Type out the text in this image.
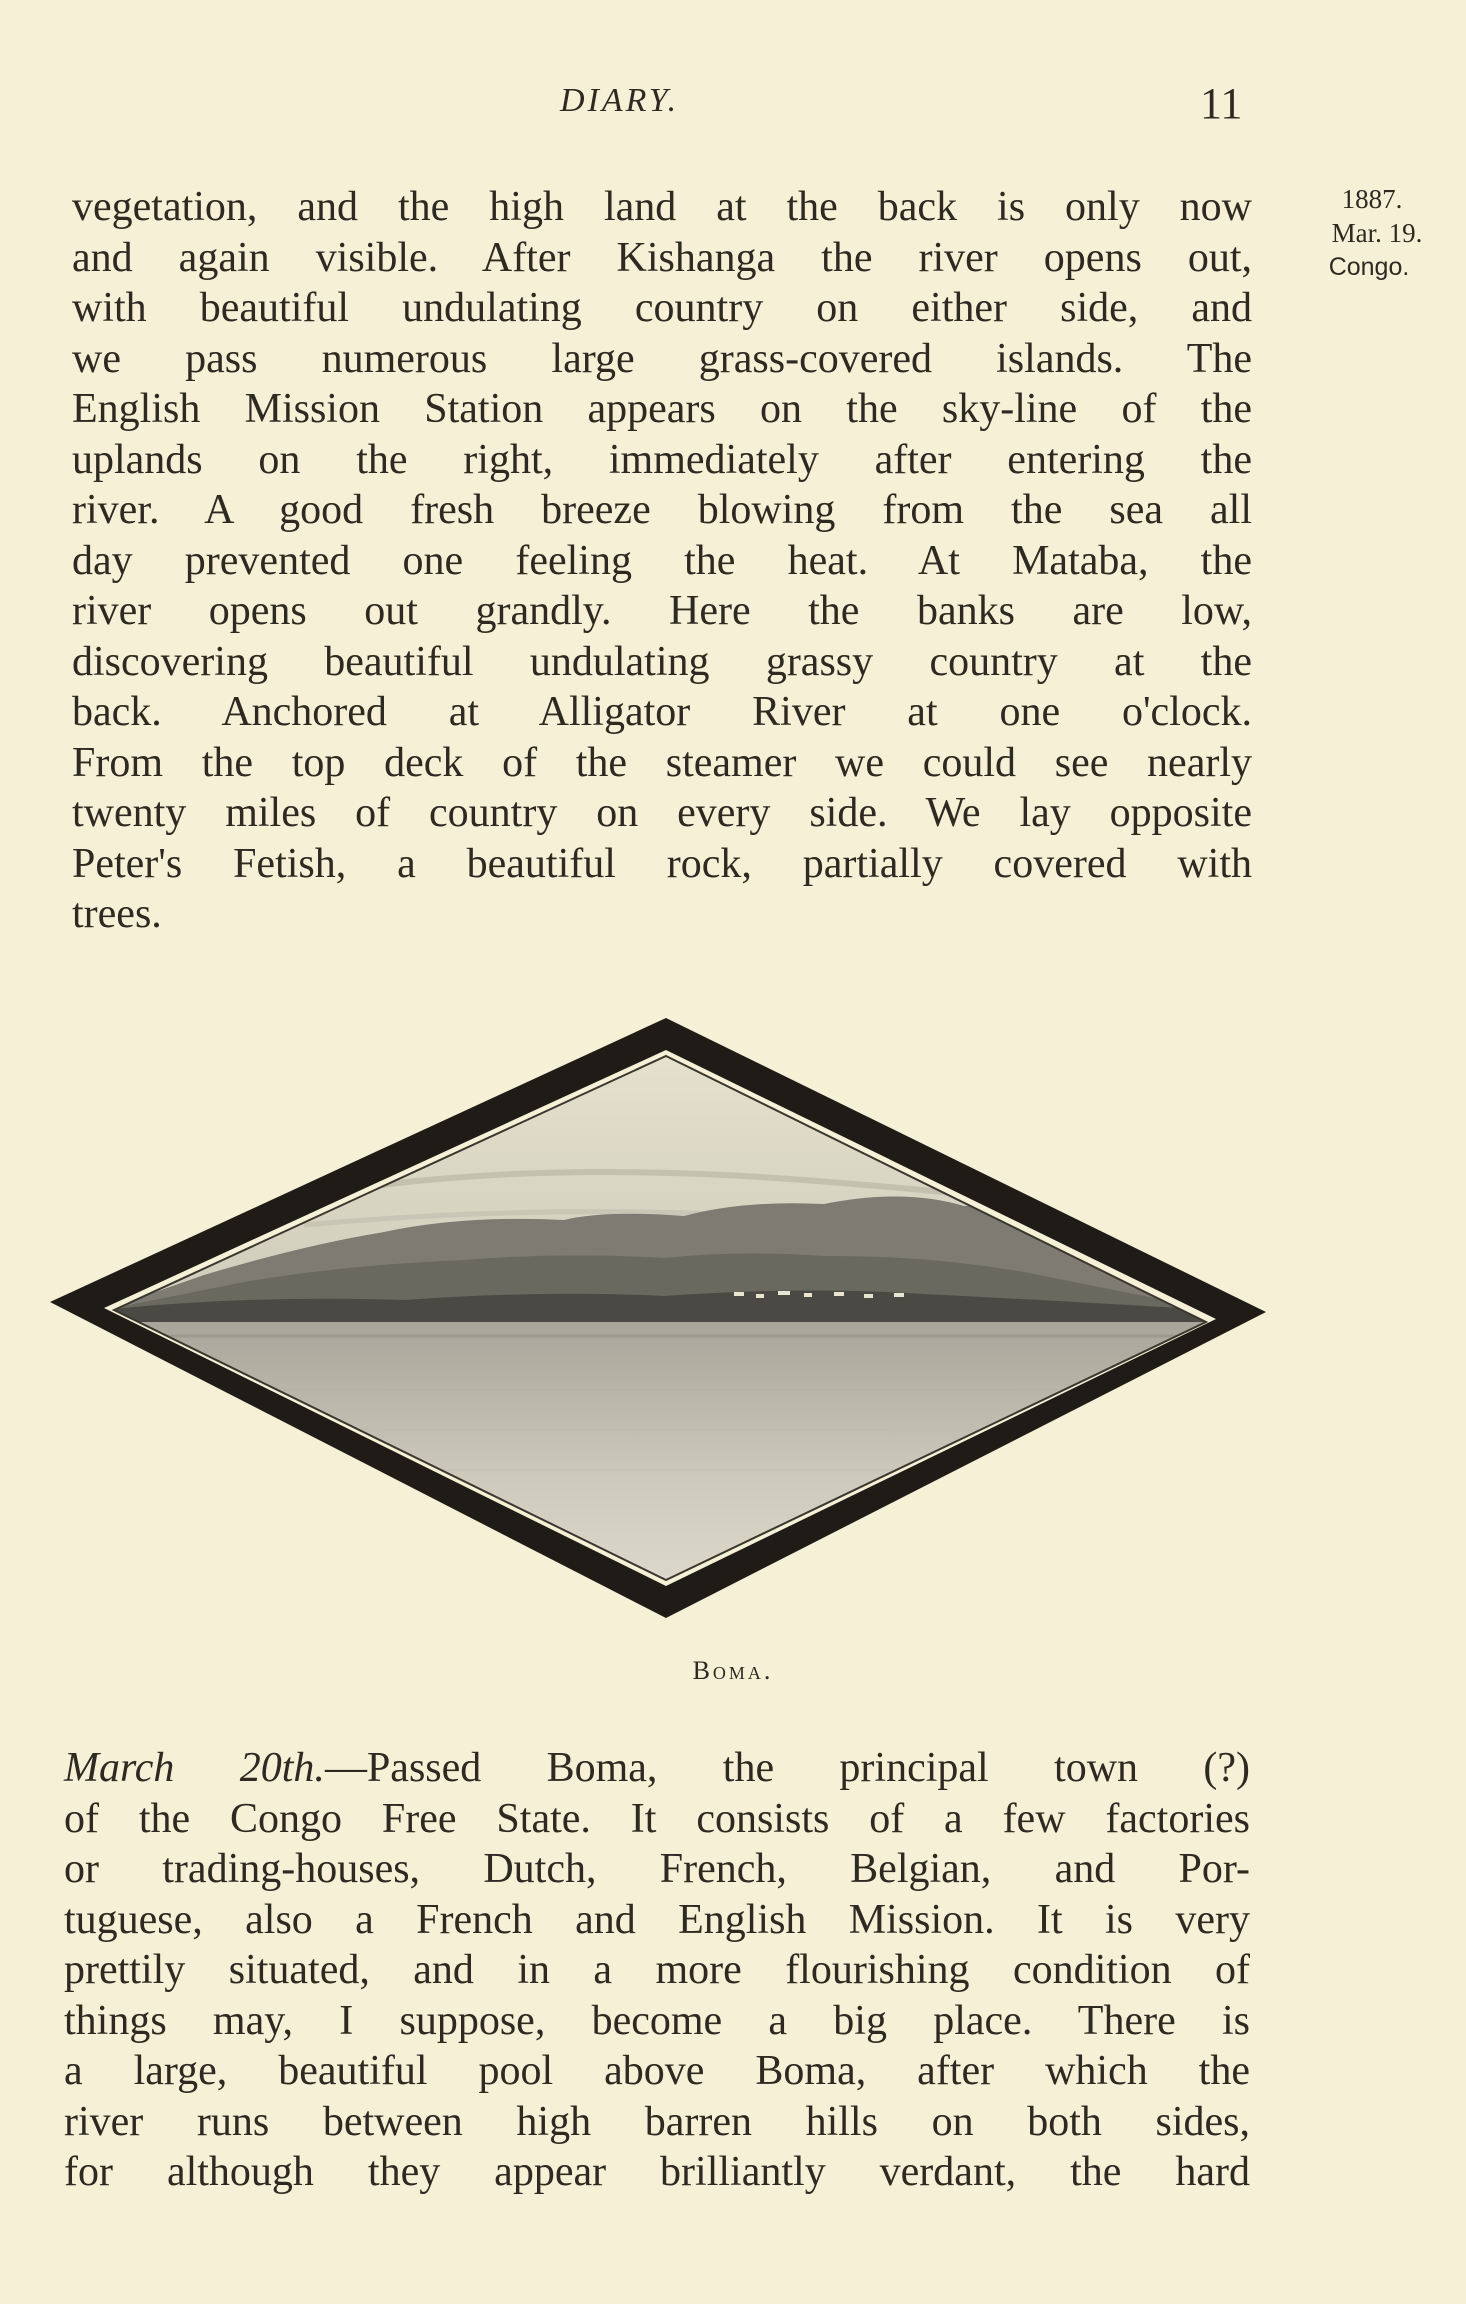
DIARY.	11
1887.
Mar. 19.
Congo.

vegetation, and the high land at the back is only now
and again visible. After Kishanga the river opens out,
with beautiful undulating country on either side, and
we pass numerous large grass-covered islands. The
English Mission Station appears on the sky-line of the
uplands on the right, immediately after entering the
river. A good fresh breeze blowing from the sea all
day prevented one feeling the heat. At Mataba, the
river opens out grandly. Here the banks are low,
discovering beautiful undulating grassy country at the
back. Anchored at Alligator River at one o'clock.
From the top deck of the steamer we could see nearly
twenty miles of country on every side. We lay opposite
Peter's Fetish, a beautiful rock, partially covered with
trees.

Boma.

March 20th.—Passed Boma, the principal town (?)
of the Congo Free State. It consists of a few factories
or trading-houses, Dutch, French, Belgian, and Por-
tuguese, also a French and English Mission. It is very
prettily situated, and in a more flourishing condition of
things may, I suppose, become a big place. There is
a large, beautiful pool above Boma, after which the
river runs between high barren hills on both sides,
for although they appear brilliantly verdant, the hard
